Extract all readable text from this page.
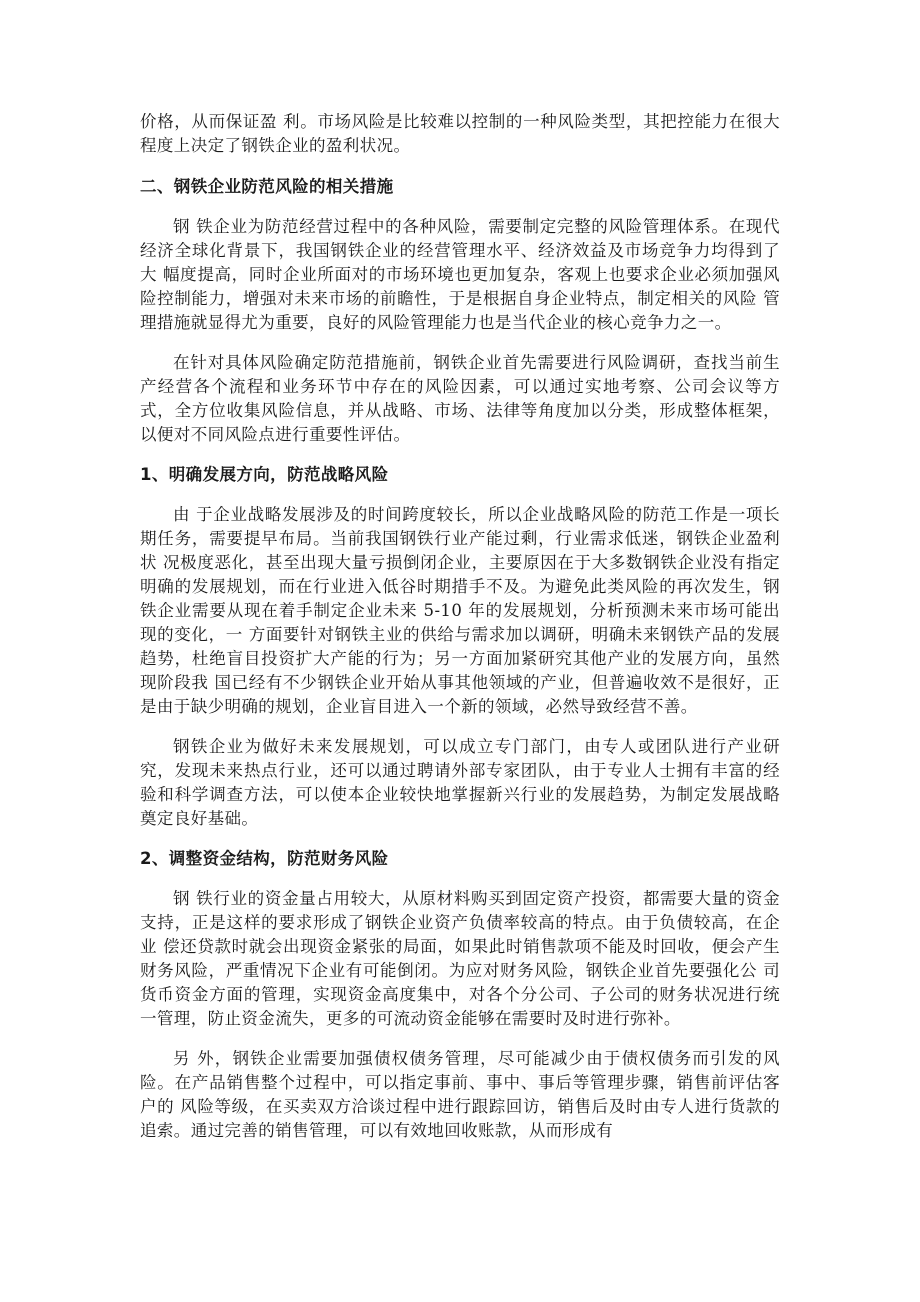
价格，从而保证盈 利。市场风险是比较难以控制的一种风险类型，其把控能力在很大程度上决定了钢铁企业的盈利状况。

二、钢铁企业防范风险的相关措施

钢 铁企业为防范经营过程中的各种风险，需要制定完整的风险管理体系。在现代经济全球化背景下，我国钢铁企业的经营管理水平、经济效益及市场竞争力均得到了大 幅度提高，同时企业所面对的市场环境也更加复杂，客观上也要求企业必须加强风险控制能力，增强对未来市场的前瞻性，于是根据自身企业特点，制定相关的风险 管理措施就显得尤为重要，良好的风险管理能力也是当代企业的核心竞争力之一。

在针对具体风险确定防范措施前，钢铁企业首先需要进行风险调研，查找当前生产经营各个流程和业务环节中存在的风险因素，可以通过实地考察、公司会议等方式，全方位收集风险信息，并从战略、市场、法律等角度加以分类，形成整体框架，以便对不同风险点进行重要性评估。

1、明确发展方向，防范战略风险

由 于企业战略发展涉及的时间跨度较长，所以企业战略风险的防范工作是一项长期任务，需要提早布局。当前我国钢铁行业产能过剩，行业需求低迷，钢铁企业盈利状 况极度恶化，甚至出现大量亏损倒闭企业，主要原因在于大多数钢铁企业没有指定明确的发展规划，而在行业进入低谷时期措手不及。为避免此类风险的再次发生，钢铁企业需要从现在着手制定企业未来 5-10 年的发展规划，分析预测未来市场可能出现的变化，一 方面要针对钢铁主业的供给与需求加以调研，明确未来钢铁产品的发展趋势，杜绝盲目投资扩大产能的行为；另一方面加紧研究其他产业的发展方向，虽然现阶段我 国已经有不少钢铁企业开始从事其他领域的产业，但普遍收效不是很好，正是由于缺少明确的规划，企业盲目进入一个新的领域，必然导致经营不善。

钢铁企业为做好未来发展规划，可以成立专门部门，由专人或团队进行产业研究，发现未来热点行业，还可以通过聘请外部专家团队，由于专业人士拥有丰富的经验和科学调查方法，可以使本企业较快地掌握新兴行业的发展趋势，为制定发展战略奠定良好基础。

2、调整资金结构，防范财务风险

钢 铁行业的资金量占用较大，从原材料购买到固定资产投资，都需要大量的资金支持，正是这样的要求形成了钢铁企业资产负债率较高的特点。由于负债较高，在企业 偿还贷款时就会出现资金紧张的局面，如果此时销售款项不能及时回收，便会产生财务风险，严重情况下企业有可能倒闭。为应对财务风险，钢铁企业首先要强化公 司货币资金方面的管理，实现资金高度集中，对各个分公司、子公司的财务状况进行统一管理，防止资金流失，更多的可流动资金能够在需要时及时进行弥补。

另 外，钢铁企业需要加强债权债务管理，尽可能减少由于债权债务而引发的风险。在产品销售整个过程中，可以指定事前、事中、事后等管理步骤，销售前评估客户的 风险等级，在买卖双方洽谈过程中进行跟踪回访，销售后及时由专人进行货款的追索。通过完善的销售管理，可以有效地回收账款，从而形成有
